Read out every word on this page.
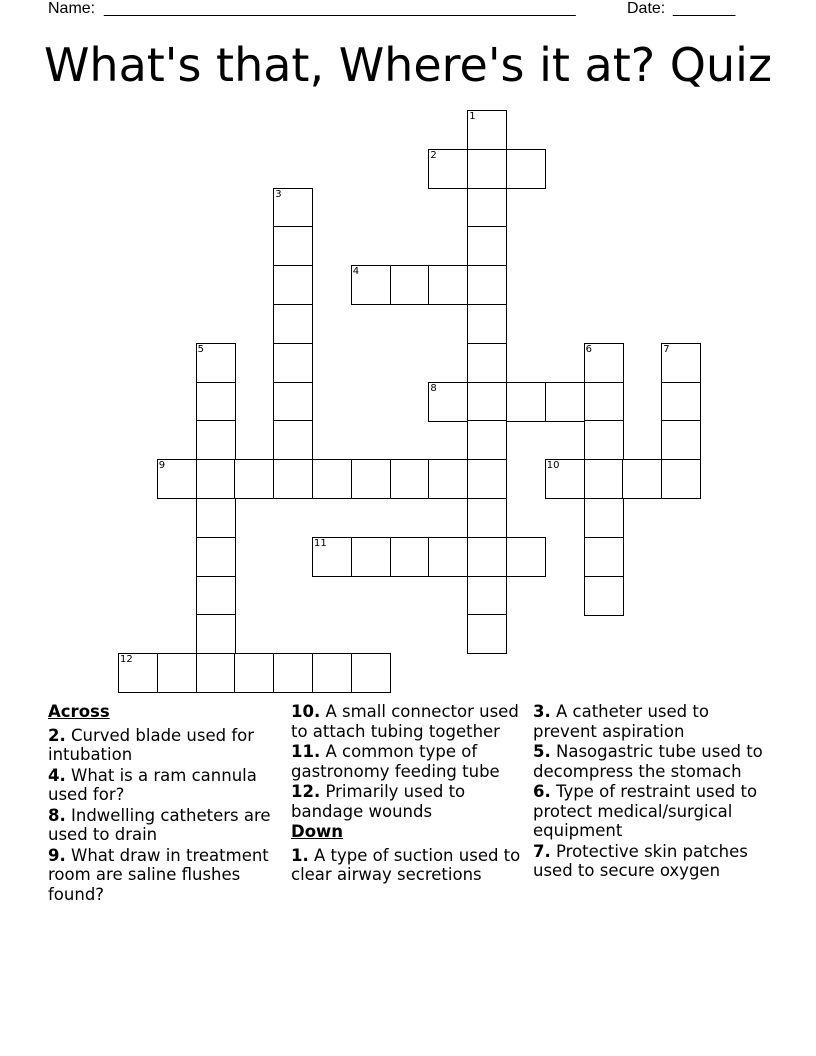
Name: _____________________________________________________	Date: _______
What's that, Where's it at? Quiz
1
2
3
4
5	6	7
8
9	10
11
12
Across
2. Curved blade used for intubation
4. What is a ram cannula used for?
8. Indwelling catheters are used to drain
9. What draw in treatment room are saline flushes found?
10. A small connector used to attach tubing together
11. A common type of gastronomy feeding tube
12. Primarily used to bandage wounds
Down
1. A type of suction used to clear airway secretions
3. A catheter used to prevent aspiration
5. Nasogastric tube used to decompress the stomach
6. Type of restraint used to protect medical/surgical equipment
7. Protective skin patches used to secure oxygen
